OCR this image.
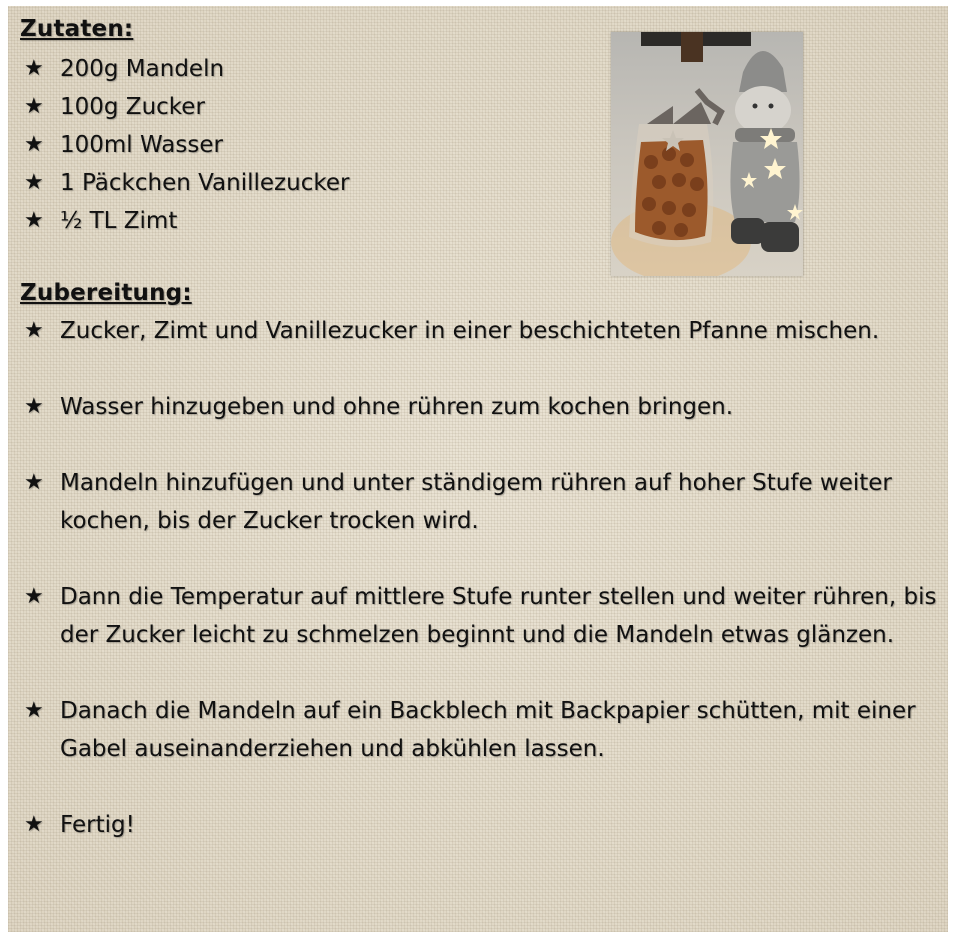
Zutaten:
★ 200g Mandeln
★ 100g Zucker
★ 100ml Wasser
★ 1 Päckchen Vanillezucker
★ ½ TL Zimt
Zubereitung:
★ Zucker, Zimt und Vanillezucker in einer beschichteten Pfanne mischen.
★ Wasser hinzugeben und ohne rühren zum kochen bringen.
★ Mandeln hinzufügen und unter ständigem rühren auf hoher Stufe weiter kochen, bis der Zucker trocken wird.
★ Dann die Temperatur auf mittlere Stufe runter stellen und weiter rühren, bis der Zucker leicht zu schmelzen beginnt und die Mandeln etwas glänzen.
★ Danach die Mandeln auf ein Backblech mit Backpapier schütten, mit einer Gabel auseinanderziehen und abkühlen lassen.
★ Fertig!
